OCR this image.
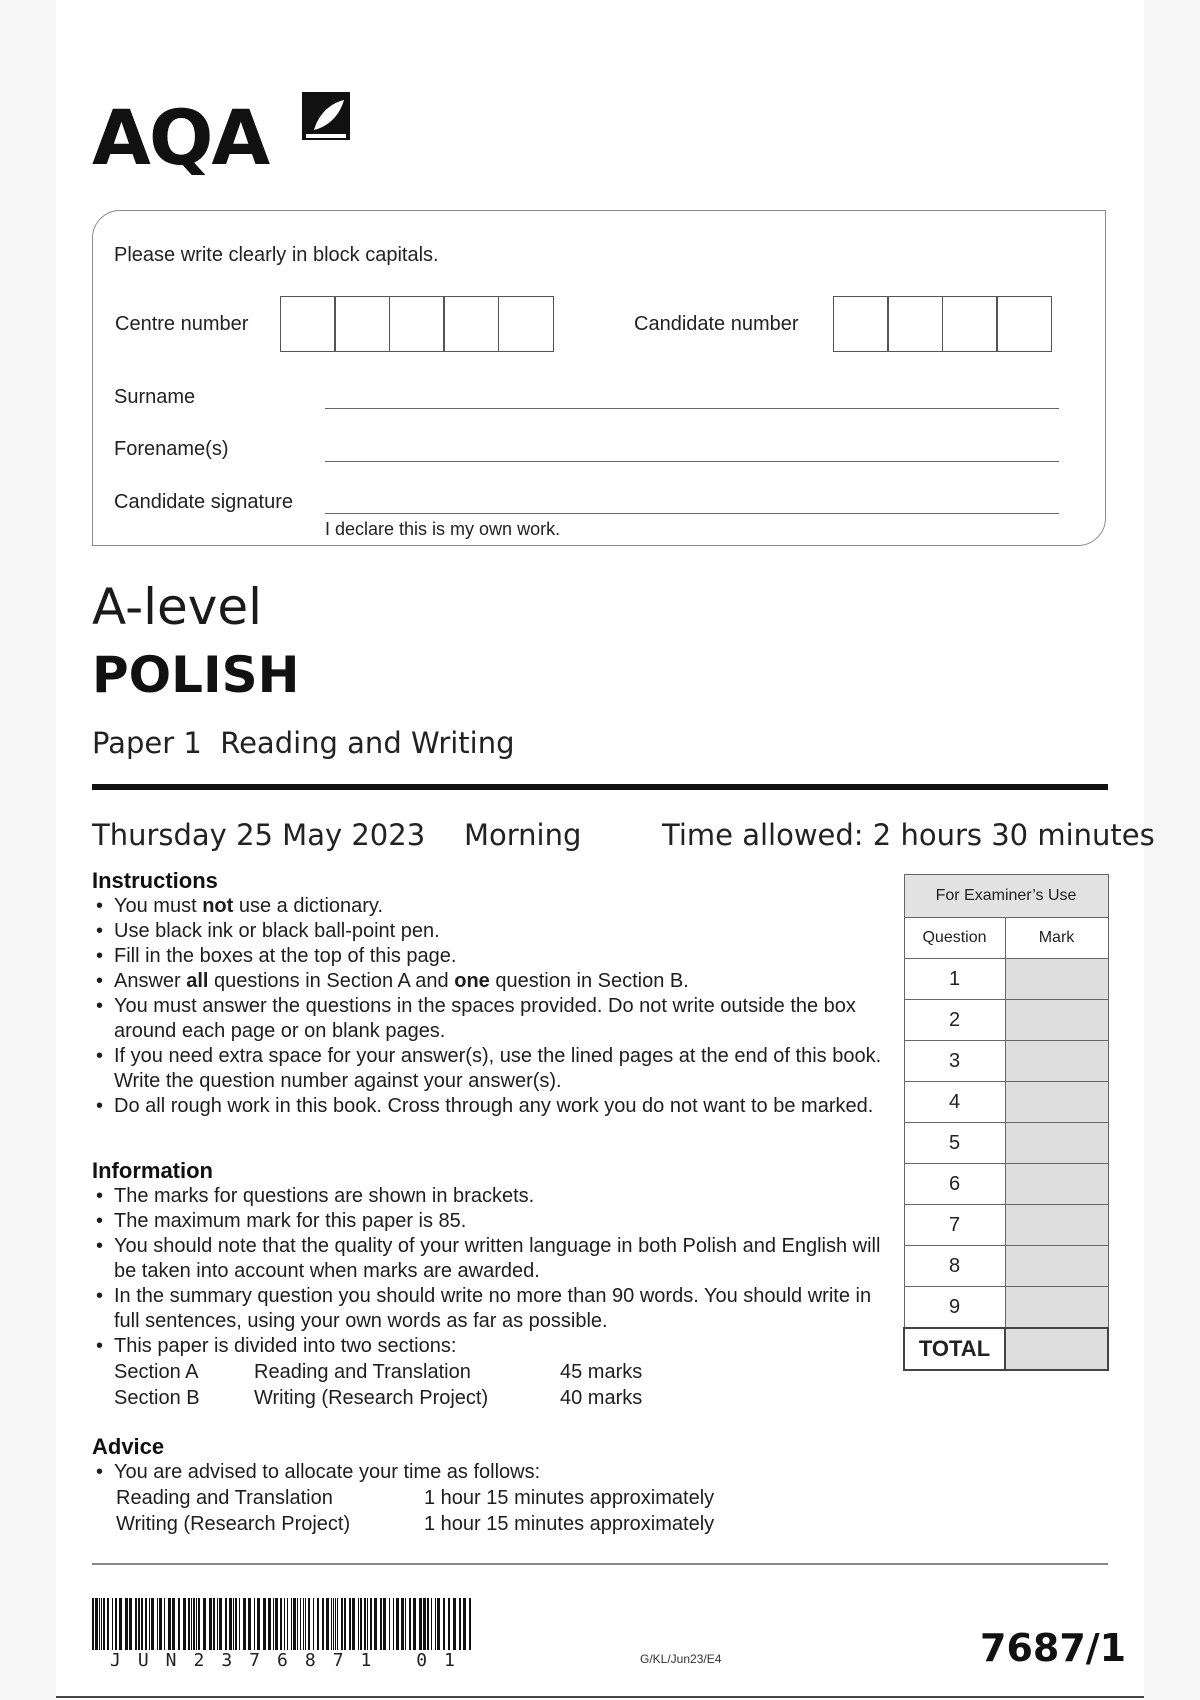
AQA
Please write clearly in block capitals.
Centre number	Candidate number
Surname
Forename(s)
Candidate signature
I declare this is my own work.
A-level
POLISH
Paper 1  Reading and Writing
Thursday 25 May 2023 Morning	Time allowed: 2 hours 30 minutes
Instructions
• You must not use a dictionary.
• Use black ink or black ball-point pen.
• Fill in the boxes at the top of this page.
• Answer all questions in Section A and one question in Section B.
• You must answer the questions in the spaces provided. Do not write outside the box around each page or on blank pages.
• If you need extra space for your answer(s), use the lined pages at the end of this book. Write the question number against your answer(s).
• Do all rough work in this book. Cross through any work you do not want to be marked.
Information
• The marks for questions are shown in brackets.
• The maximum mark for this paper is 85.
• You should note that the quality of your written language in both Polish and English will be taken into account when marks are awarded.
• In the summary question you should write no more than 90 words. You should write in full sentences, using your own words as far as possible.
• This paper is divided into two sections:
Section A	Reading and Translation	45 marks
Section B	Writing (Research Project)	40 marks
Advice
• You are advised to allocate your time as follows:
Reading and Translation	1 hour 15 minutes approximately
Writing (Research Project)	1 hour 15 minutes approximately
For Examiner’s Use	
Question	Mark
1	
2	
3	
4	
5	
6	
7	
8	
9	
TOTAL	
JUN2376871 01	G/KL/Jun23/E4	7687/1
